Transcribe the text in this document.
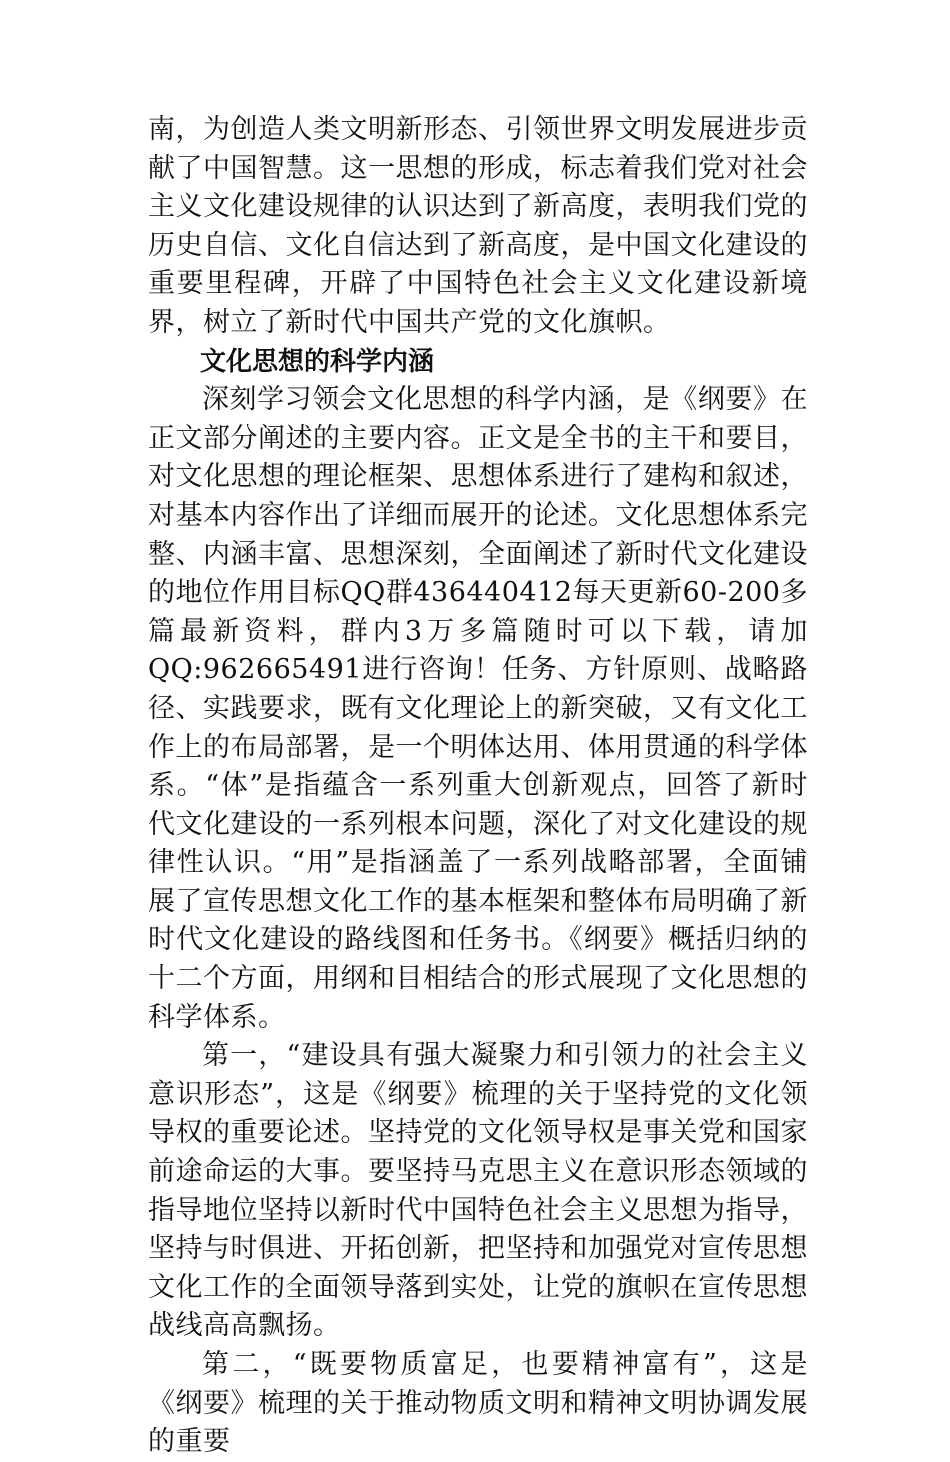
南，为创造人类文明新形态、引领世界文明发展进步贡献了中国智慧。这一思想的形成，标志着我们党对社会主义文化建设规律的认识达到了新高度，表明我们党的历史自信、文化自信达到了新高度，是中国文化建设的重要里程碑，开辟了中国特色社会主义文化建设新境界，树立了新时代中国共产党的文化旗帜。

文化思想的科学内涵

深刻学习领会文化思想的科学内涵，是《纲要》在正文部分阐述的主要内容。正文是全书的主干和要目，对文化思想的理论框架、思想体系进行了建构和叙述，对基本内容作出了详细而展开的论述。文化思想体系完整、内涵丰富、思想深刻，全面阐述了新时代文化建设的地位作用目标QQ群436440412每天更新60-200多篇最新资料，群内3万多篇随时可以下载，请加QQ:962665491进行咨询！任务、方针原则、战略路径、实践要求，既有文化理论上的新突破，又有文化工作上的布局部署，是一个明体达用、体用贯通的科学体系。“体”是指蕴含一系列重大创新观点，回答了新时代文化建设的一系列根本问题，深化了对文化建设的规律性认识。“用”是指涵盖了一系列战略部署，全面铺展了宣传思想文化工作的基本框架和整体布局明确了新时代文化建设的路线图和任务书。《纲要》概括归纳的十二个方面，用纲和目相结合的形式展现了文化思想的科学体系。

第一，“建设具有强大凝聚力和引领力的社会主义意识形态”，这是《纲要》梳理的关于坚持党的文化领导权的重要论述。坚持党的文化领导权是事关党和国家前途命运的大事。要坚持马克思主义在意识形态领域的指导地位坚持以新时代中国特色社会主义思想为指导，坚持与时俱进、开拓创新，把坚持和加强党对宣传思想文化工作的全面领导落到实处，让党的旗帜在宣传思想战线高高飘扬。

第二，“既要物质富足，也要精神富有”，这是《纲要》梳理的关于推动物质文明和精神文明协调发展的重要
